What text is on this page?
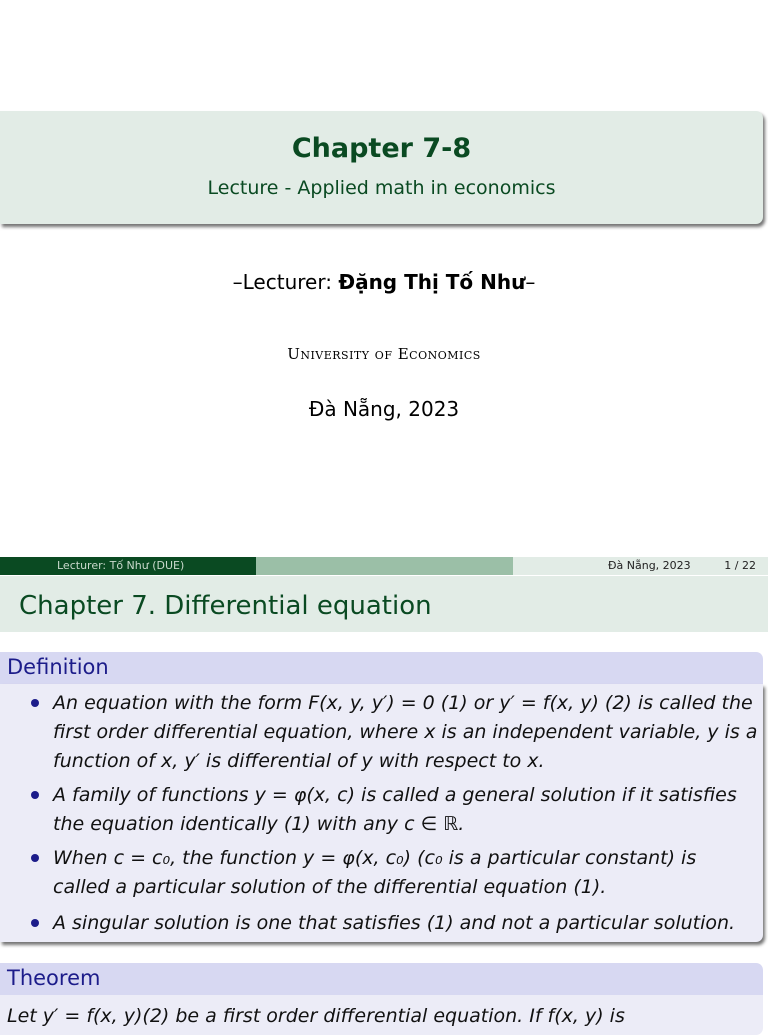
Chapter 7-8
Lecture - Applied math in economics
–Lecturer: Đặng Thị Tố Như–
University of Economics
Đà Nẵng, 2023
Lecturer: Tố Như (DUE)	Đà Nẵng, 2023	1 / 22
Chapter 7. Differential equation
Definition
An equation with the form F(x, y, y′) = 0 (1) or y′ = f(x, y) (2) is called the first order differential equation, where x is an independent variable, y is a function of x, y′ is differential of y with respect to x.
A family of functions y = φ(x, c) is called a general solution if it satisfies the equation identically (1) with any c ∈ ℝ.
When c = c₀, the function y = φ(x, c₀) (c₀ is a particular constant) is called a particular solution of the differential equation (1).
A singular solution is one that satisfies (1) and not a particular solution.
Theorem
Let y′ = f(x, y)(2) be a first order differential equation. If f(x, y) is
